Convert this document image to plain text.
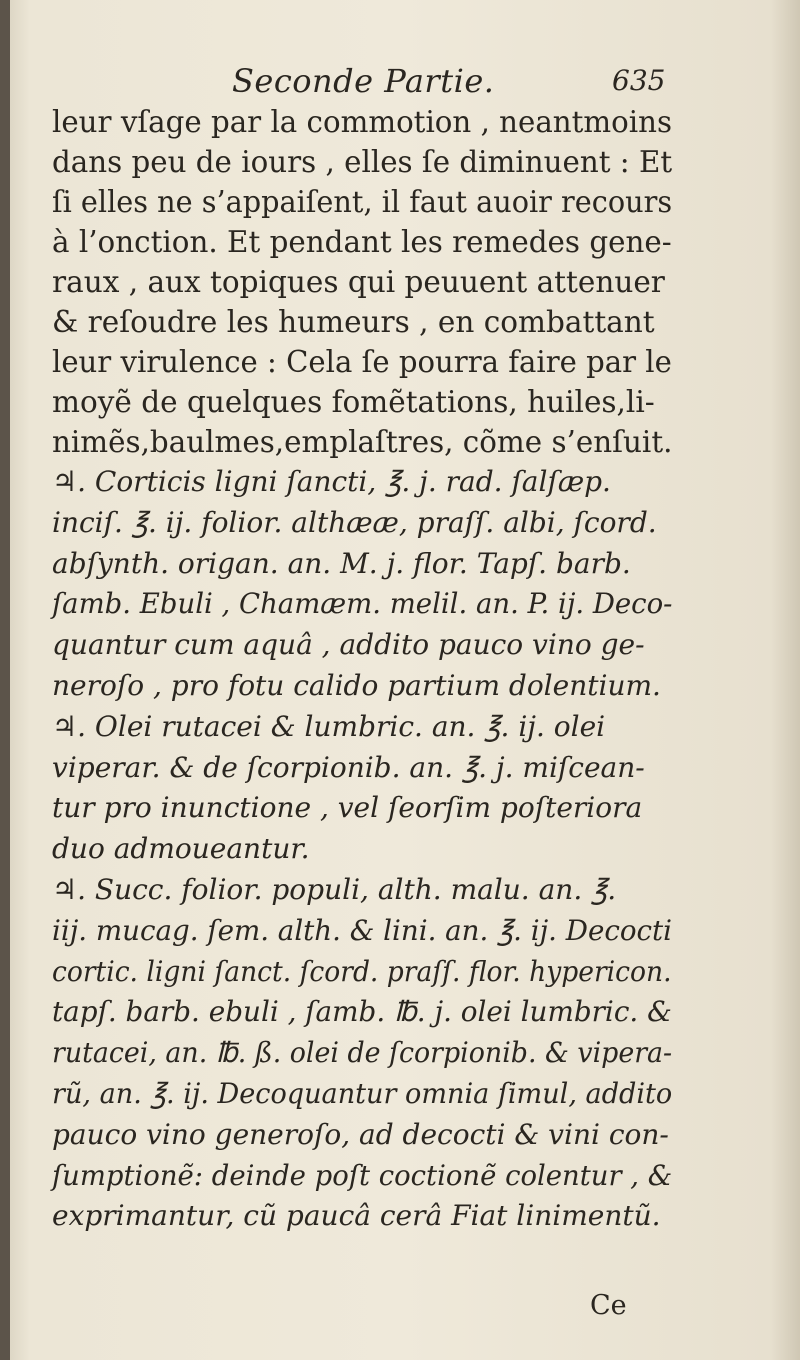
Seconde Partie.	635
leur vſage par la commotion , neantmoins
dans peu de iours , elles ſe diminuent : Et
ſi elles ne s’appaiſent, il faut auoir recours
à l’onction. Et pendant les remedes gene-
raux , aux topiques qui peuuent attenuer
& reſoudre les humeurs , en combattant
leur virulence : Cela ſe pourra faire par le
moyẽ de quelques fomẽtations, huiles,li-
nimẽs,baulmes,emplaſtres, cõme s’enſuit.
♃. Corticis ligni ſancti, ℥. j. rad. ſalſæp.
inciſ. ℥. ij. folior. althææ, praſſ. albi, ſcord.
abſynth. origan. an. M. j. flor. Tapſ. barb.
ſamb. Ebuli , Chamæm. melil. an. P. ij. Deco-
quantur cum aquâ , addito pauco vino ge-
neroſo , pro fotu calido partium dolentium.
♃. Olei rutacei & lumbric. an. ℥. ij. olei
viperar. & de ſcorpionib. an. ℥. j. miſcean-
tur pro inunctione , vel ſeorſim poſteriora
duo admoueantur.
♃. Succ. folior. populi, alth. malu. an. ℥.
iij. mucag. ſem. alth. & lini. an. ℥. ij. Decocti
cortic. ligni ſanct. ſcord. praſſ. flor. hypericon.
tapſ. barb. ebuli , ſamb. ℔. j. olei lumbric. &
rutacei, an. ℔. ß. olei de ſcorpionib. & vipera-
rũ, an. ℥. ij. Decoquantur omnia ſimul, addito
pauco vino generoſo, ad decocti & vini con-
ſumptionẽ: deinde poſt coctionẽ colentur , &
exprimantur, cũ paucâ cerâ Fiat linimentũ.
Ce
